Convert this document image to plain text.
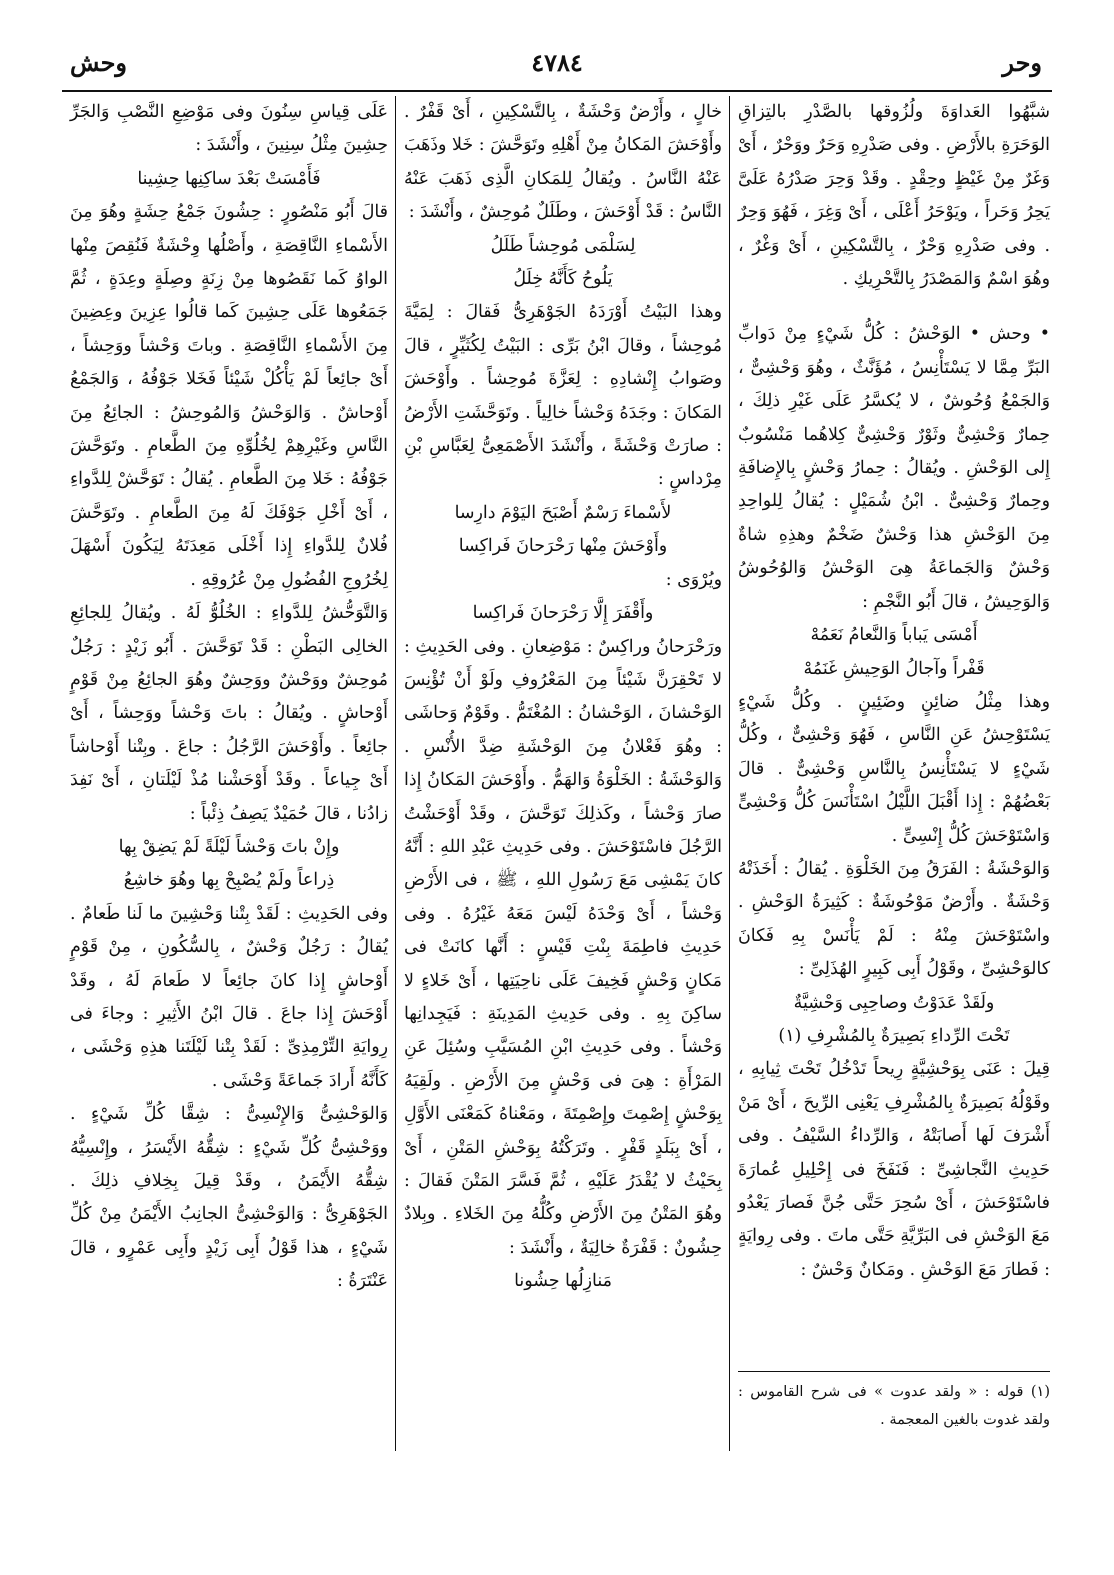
وحر
٤٧٨٤
وحش

شبَّهُوا العَداوَةَ ولُزُوقها بالصَّدْرِ بالتِزاقِ الوَحَرَةِ بالأَرْضِ . وفى صَدْرِهِ وَحَرٌ ووَحْرٌ ، أَىْ وَغَرٌ مِنْ غَيْظٍ وحِقْدٍ . وقَدْ وَحِرَ صَدْرُهُ عَلَىَّ يَحِرُ وَحَراً ، ويَوْحَرُ أَعْلَى ، أَىْ وَغِرَ ، فَهُوَ وَحِرٌ . وفى صَدْرِهِ وَحْرٌ ، بِالتَّسْكِينِ ، أَىْ وَغْرٌ ، وهُوَ اسْمٌ وَالمَصْدَرُ بِالتَّحْرِيكِ .

• وحش • الوَحْشُ : كُلُّ شَيْءٍ مِنْ دَوابِّ البَرِّ مِمَّا لا يَسْتَأْنِسُ ، مُؤَنَّثٌ ، وهُوَ وَحْشِىٌّ ، وَالجَمْعُ وُحُوشٌ ، لا يُكسَّرُ عَلَى غَيْرِ ذلِكَ ، حِمارٌ وَحْشِىٌّ وثَوْرٌ وَحْشِىٌّ كِلاهُما مَنْسُوبٌ إِلى الوَحْشِ . ويُقالُ : حِمارُ وَحْشٍ بِالإِضافَةِ وحِمارٌ وَحْشِىٌّ . ابْنُ شُمَيْلٍ : يُقالُ لِلواحِدِ مِنَ الوَحْشِ هذا وَحْشٌ ضَخْمٌ وهذِهِ شاةٌ وَحْشٌ وَالجَماعَةُ هِىَ الوَحْشُ وَالوُحُوشُ وَالوَحِيشُ ، قالَ أَبُو النَّجْمِ :

أَمْسَى يَباباً وَالنَّعامُ نَعَمُهْ

قَفْراً وآجالُ الوَحِيشِ غَنَمُهْ

وهذا مِثْلُ ضائِنٍ وضَئِينٍ . وكُلُّ شَيْءٍ يَسْتَوْحِشُ عَنِ النَّاسِ ، فَهُوَ وَحْشِىٌّ ، وكُلُّ شَيْءٍ لا يَسْتَأْنِسُ بِالنَّاسِ وَحْشِىٌّ . قالَ بَعْضُهُمْ : إِذا أَقْبَلَ اللَّيْلُ اسْتَأْنَسَ كُلُّ وَحْشِىٍّ وَاسْتَوْحَشَ كُلُّ إِنْسِىٍّ .

وَالوَحْشَةُ : الفَرَقُ مِنَ الخَلْوَةِ . يُقالُ : أَخَذَتْهُ وَحْشَةٌ . وأَرْضٌ مَوْحُوشَةٌ : كَثِيرَةُ الوَحْشِ . واسْتَوْحَشَ مِنْهُ : لَمْ يَأْنَسْ بِهِ فَكانَ كالوَحْشِىِّ ، وقَوْلُ أَبِى كَبِيرٍ الهُذَلِىِّ :

ولَقَدْ عَدَوْتُ وصاحِبِى وَحْشِيَّةٌ

تَحْتَ الرِّداءِ بَصِيرَةٌ بِالمُشْرِفِ (١)

قِيلَ : عَنَى بِوَحْشِيَّةٍ رِيحاً تَدْخُلُ تَحْتَ ثِيابِهِ ، وقَوْلُهُ بَصِيرَةٌ بِالمُشْرِفِ يَعْنِى الرِّيحَ ، أَىْ مَنْ أَشْرَفَ لَها أَصابَتْهُ ، وَالرِّداءُ السَّيْفُ . وفى حَدِيثِ النَّجاشِىِّ : فَنَفَخَ فى إِحْلِيلِ عُمارَةَ فاسْتَوْحَشَ ، أَىْ سُحِرَ حَتَّى جُنَّ فَصارَ يَعْدُو مَعَ الوَحْشِ فى البَرِّيَّةِ حَتَّى ماتَ . وفى رِوايَةٍ : فَطارَ مَعَ الوَحْشِ . ومَكانٌ وَحْشٌ :

خالٍ ، وأَرْضٌ وَحْشَةٌ ، بِالتَّسْكِينِ ، أَىْ قَفْرٌ . وأَوْحَشَ المَكانُ مِنْ أَهْلِهِ وتَوَحَّشَ : خَلا وذَهَبَ عَنْهُ النَّاسُ . ويُقالُ لِلمَكانِ الَّذِى ذَهَبَ عَنْهُ النَّاسُ : قَدْ أَوْحَشَ ، وطَلَلٌ مُوحِشٌ ، وأَنْشَدَ :

لِسَلْمَى مُوحِشاً طَلَلُ

يَلُوحُ كَأَنَّهُ خِلَلُ

وهذا البَيْتُ أَوْرَدَهُ الجَوْهَرِىُّ فَقالَ : لِمَيَّةَ مُوحِشاً ، وقالَ ابْنُ بَرِّى : البَيْتُ لِكُثَيِّرٍ ، قالَ وصَوابُ إِنْشادِهِ : لِعَزَّةَ مُوحِشاً . وأَوْحَشَ المَكانَ : وجَدَهُ وَحْشاً خالِياً . وتَوَحَّشَتِ الأَرْضُ : صارَتْ وَحْشَةً ، وأَنْشَدَ الأَصْمَعِىُّ لِعَبَّاسِ بْنِ مِرْداسٍ :

لأَسْماءَ رَسْمٌ أَصْبَحَ اليَوْمَ دارِسا

وأَوْحَشَ مِنْها رَحْرَحانَ فَراكِسا

ويُرْوَى :

وأَقْفَرَ إِلَّا رَحْرَحانَ فَراكِسا

ورَحْرَحانُ وراكِسٌ : مَوْضِعانِ . وفى الحَدِيثِ : لا تَحْقِرَنَّ شَيْئاً مِنَ المَعْرُوفِ ولَوْ أَنْ تُؤْنِسَ الوَحْشانَ ، الوَحْشانُ : المُغْتَمُّ . وقَوْمٌ وَحاشَى : وهُوَ فَعْلانُ مِنَ الوَحْشَةِ ضِدَّ الأُنْسِ . وَالوَحْشَةُ : الخَلْوَةُ وَالهَمُّ . وأَوْحَشَ المَكانُ إِذا صارَ وَحْشاً ، وكَذلِكَ تَوَحَّشَ ، وقَدْ أَوْحَشْتُ الرَّجُلَ فاسْتَوْحَشَ . وفى حَدِيثِ عَبْدِ اللهِ : أَنَّهُ كانَ يَمْشِى مَعَ رَسُولِ اللهِ ، ﷺ ، فى الأَرْضِ وَحْشاً ، أَىْ وَحْدَهُ لَيْسَ مَعَهُ غَيْرُهُ . وفى حَدِيثِ فاطِمَةَ بِنْتِ قَيْسٍ : أَنَّها كانَتْ فى مَكانٍ وَحْشٍ فَخِيفَ عَلَى ناحِيَتِها ، أَىْ خَلاءٍ لا ساكِنَ بِهِ . وفى حَدِيثِ المَدِينَةِ : فَيَجِدانِها وَحْشاً . وفى حَدِيثِ ابْنِ المُسَيَّبِ وسُئِلَ عَنِ المَرْأَةِ : هِىَ فى وَحْشٍ مِنَ الأَرْضِ . ولَقِيَهُ بِوَحْشٍ إِصْمِتَ وإِصْمِتَةَ ، ومَعْناهُ كَمَعْنَى الأَوَّلِ ، أَىْ بِبَلَدٍ قَفْرٍ . وتَرَكْتُهُ بِوَحْشِ المَتْنِ ، أَىْ بِحَيْثُ لا يُقْدَرُ عَلَيْهِ ، ثُمَّ فَسَّرَ المَتْنَ فَقالَ : وهُوَ المَتْنُ مِنَ الأَرْضِ وكُلُّهُ مِنَ الخَلاءِ . وبِلادٌ حِشُونٌ : قَفْرَةٌ خالِيَةٌ ، وأَنْشَدَ :

مَنازِلُها حِشُونا

عَلَى قِياسِ سِنُونَ وفى مَوْضِعِ النَّصْبِ وَالجَرِّ حِشِينَ مِثْلُ سِنِينَ ، وأَنْشَدَ :

فَأَمْسَتْ بَعْدَ ساكِنِها حِشِينا

قالَ أَبُو مَنْصُورٍ : حِشُونَ جَمْعُ حِشَةٍ وهُوَ مِنَ الأَسْماءِ النَّاقِصَةِ ، وأَصْلُها وِحْشَةٌ فَنُقِصَ مِنْها الواوُ كَما نَقَصُوها مِنْ زِنَةٍ وصِلَةٍ وعِدَةٍ ، ثُمَّ جَمَعُوها عَلَى حِشِينَ كَما قالُوا عِزِينَ وعِضِينَ مِنَ الأَسْماءِ النَّاقِصَةِ . وباتَ وَحْشاً ووَحِشاً ، أَىْ جائِعاً لَمْ يَأْكُلْ شَيْئاً فَخَلا جَوْفُهُ ، وَالجَمْعُ أَوْحاشٌ . وَالوَحْشُ وَالمُوحِشُ : الجائِعُ مِنَ النَّاسِ وغَيْرِهِمْ لِخُلُوِّهِ مِنَ الطَّعامِ . وتَوَحَّشَ جَوْفُهُ : خَلا مِنَ الطَّعامِ . يُقالُ : تَوَحَّشْ لِلدَّواءِ ، أَىْ أَخْلِ جَوْفَكَ لَهُ مِنَ الطَّعامِ . وتَوَحَّشَ فُلانٌ لِلدَّواءِ إِذا أَخْلَى مَعِدَتَهُ لِيَكُونَ أَسْهَلَ لِخُرُوجِ الفُضُولِ مِنْ عُرُوقِهِ .

وَالتَّوَحُّشُ لِلدَّواءِ : الخُلُوُّ لَهُ . ويُقالُ لِلجائِعِ الخالِى البَطْنِ : قَدْ تَوَحَّشَ . أَبُو زَيْدٍ : رَجُلٌ مُوحِشٌ ووَحْشٌ ووَحِشٌ وهُوَ الجائِعُ مِنْ قَوْمٍ أَوْحاشٍ . ويُقالُ : باتَ وَحْشاً ووَحِشاً ، أَىْ جائِعاً . وأَوْحَشَ الرَّجُلُ : جاعَ . وبِتْنا أَوْحاشاً أَىْ جِياعاً . وقَدْ أَوْحَشْنا مُذْ لَيْلَتانِ ، أَىْ نَفِدَ زادُنا ، قالَ حُمَيْدٌ يَصِفُ ذِئْباً :

وإِنْ باتَ وَحْشاً لَيْلَةً لَمْ يَضِقْ بِها

ذِراعاً ولَمْ يُصْبِحْ بِها وهُوَ خاشِعُ

وفى الحَدِيثِ : لَقَدْ بِتْنا وَحْشِينَ ما لَنا طَعامٌ . يُقالُ : رَجُلٌ وَحْشٌ ، بِالسُّكُونِ ، مِنْ قَوْمٍ أَوْحاشٍ إِذا كانَ جائِعاً لا طَعامَ لَهُ ، وقَدْ أَوْحَشَ إِذا جاعَ . قالَ ابْنُ الأَثِيرِ : وجاءَ فى رِوايَةِ التِّرْمِذِىِّ : لَقَدْ بِتْنا لَيْلَتَنا هذِهِ وَحْشَى ، كَأَنَّهُ أَرادَ جَماعَةً وَحْشَى .

وَالوَحْشِىُّ وَالإِنْسِىُّ : شِقَّا كُلِّ شَيْءٍ . ووَحْشِىُّ كُلِّ شَيْءٍ : شِقُّهُ الأَيْسَرُ ، وإِنْسِيُّهُ شِقُّهُ الأَيْمَنُ ، وقَدْ قِيلَ بِخِلافِ ذلِكَ . الجَوْهَرِىُّ : وَالوَحْشِىُّ الجانِبُ الأَيْمَنُ مِنْ كُلِّ شَيْءٍ ، هذا قَوْلُ أَبِى زَيْدٍ وأَبِى عَمْرٍو ، قالَ عَنْتَرَةُ :

(١) قوله : « ولقد عدوت » فى شرح القاموس : ولقد غدوت بالغين المعجمة .
